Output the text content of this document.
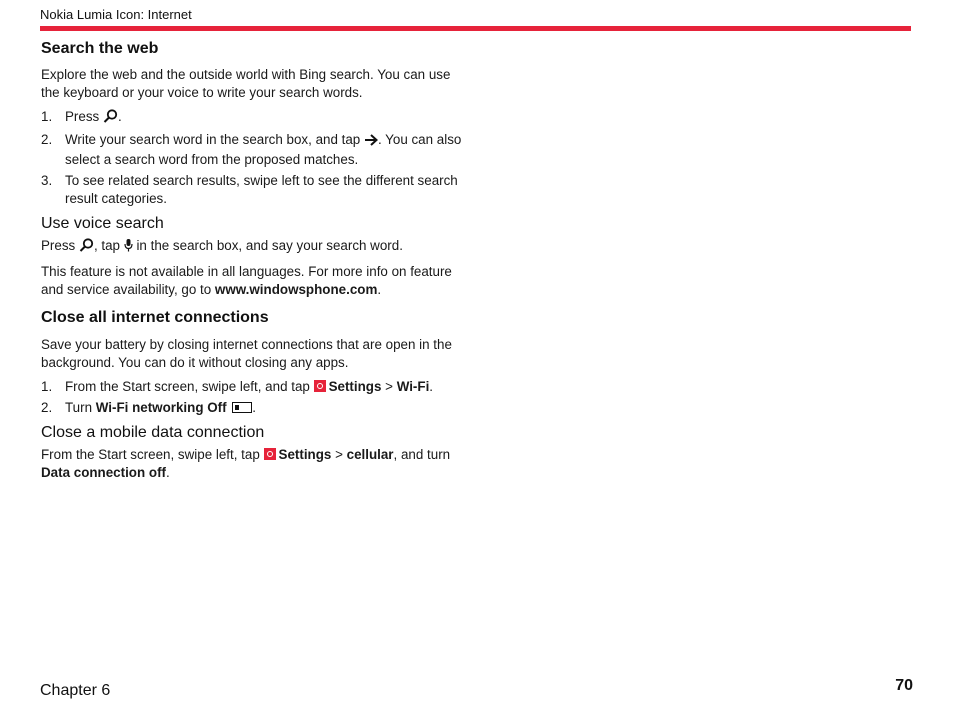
Nokia Lumia Icon: Internet
Search the web

Explore the web and the outside world with Bing search. You can use the keyboard or your voice to write your search words.

1. Press .
2. Write your search word in the search box, and tap . You can also select a search word from the proposed matches.
3. To see related search results, swipe left to see the different search result categories.
Use voice search

Press , tap  in the search box, and say your search word.

This feature is not available in all languages. For more info on feature and service availability, go to www.windowsphone.com.

Close all internet connections

Save your battery by closing internet connections that are open in the background. You can do it without closing any apps.

1. From the Start screen, swipe left, and tap Settings > Wi-Fi.
2. Turn Wi-Fi networking Off .
Close a mobile data connection

From the Start screen, swipe left, tap Settings > cellular, and turn Data connection off.

Chapter 6	70
